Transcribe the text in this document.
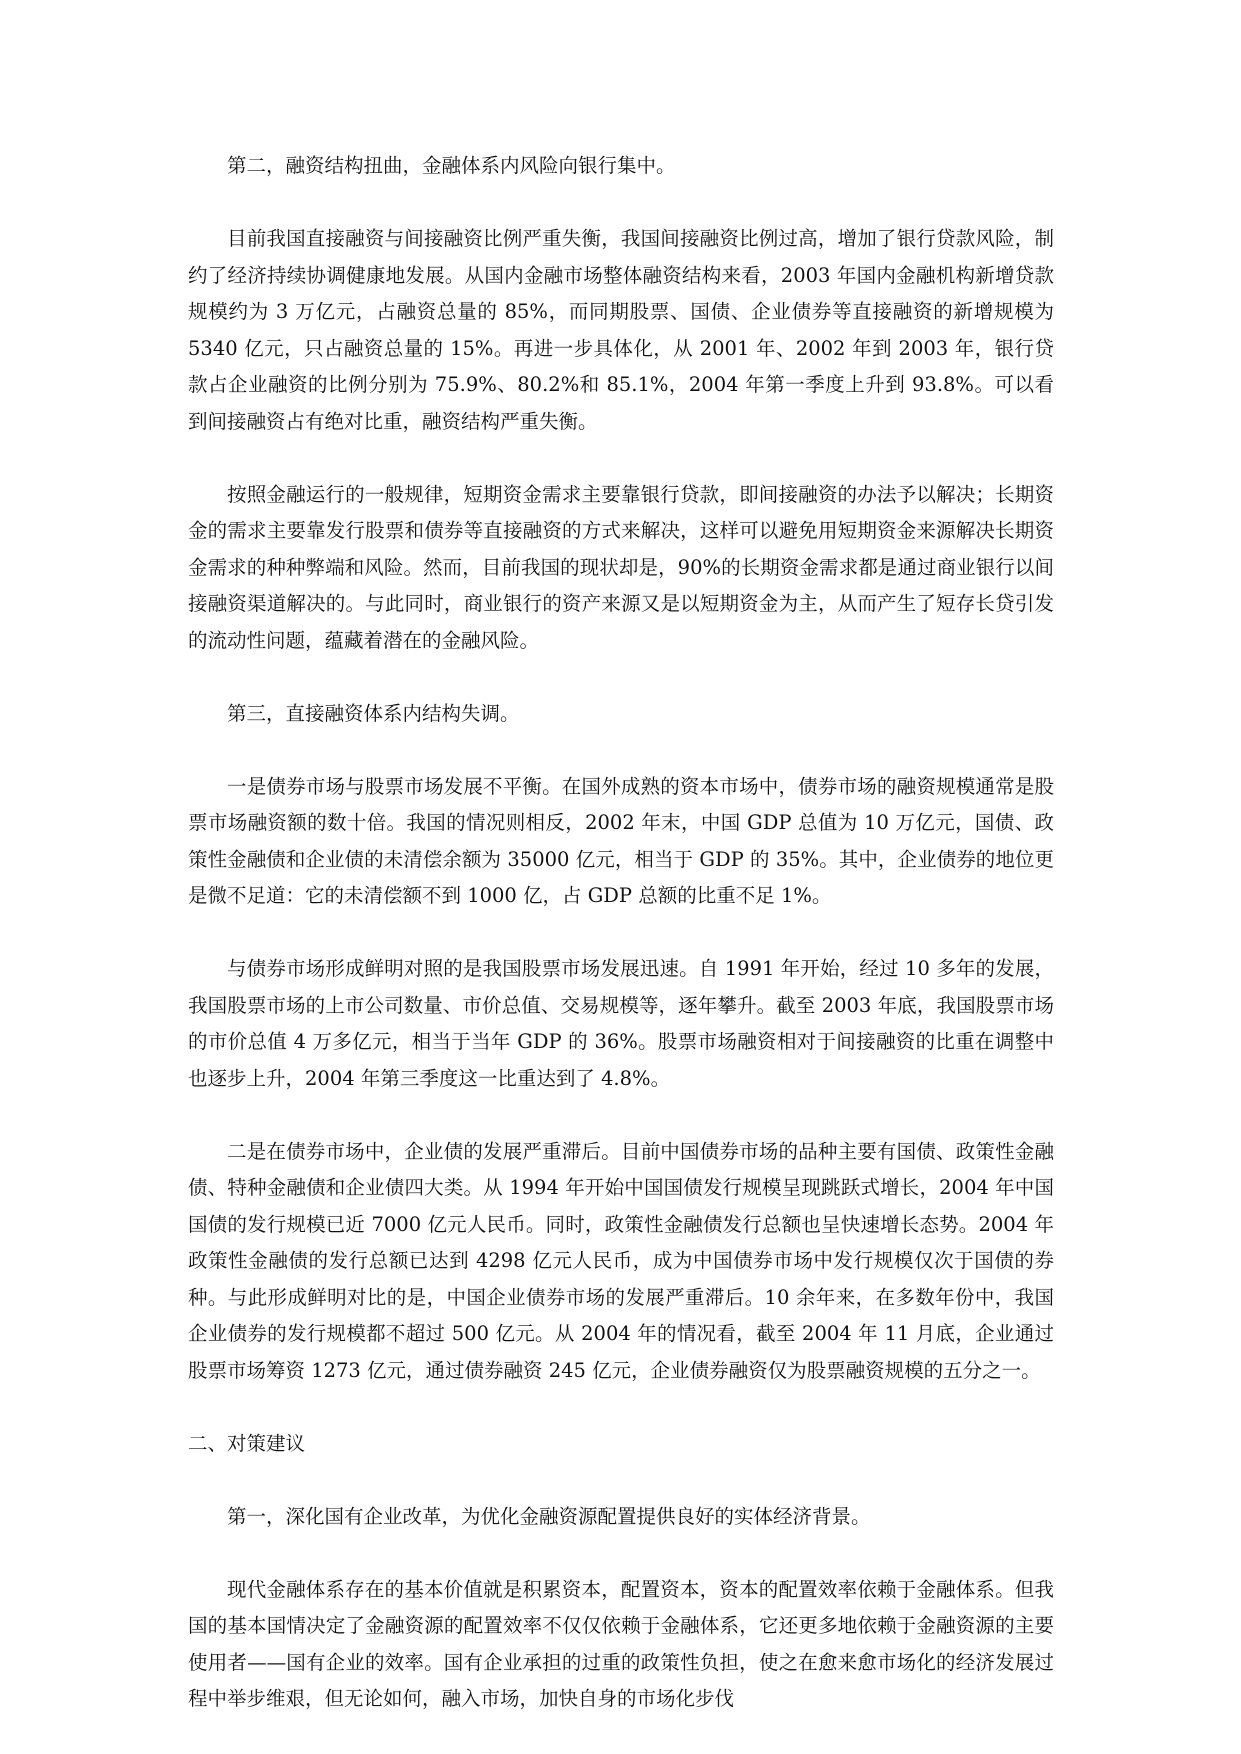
第二，融资结构扭曲，金融体系内风险向银行集中。

目前我国直接融资与间接融资比例严重失衡，我国间接融资比例过高，增加了银行贷款风险，制约了经济持续协调健康地发展。从国内金融市场整体融资结构来看，2003 年国内金融机构新增贷款规模约为 3 万亿元，占融资总量的 85%，而同期股票、国债、企业债券等直接融资的新增规模为 5340 亿元，只占融资总量的 15%。再进一步具体化，从 2001 年、2002 年到 2003 年，银行贷款占企业融资的比例分别为 75.9%、80.2%和 85.1%，2004 年第一季度上升到 93.8%。可以看到间接融资占有绝对比重，融资结构严重失衡。

按照金融运行的一般规律，短期资金需求主要靠银行贷款，即间接融资的办法予以解决；长期资金的需求主要靠发行股票和债券等直接融资的方式来解决，这样可以避免用短期资金来源解决长期资金需求的种种弊端和风险。然而，目前我国的现状却是，90%的长期资金需求都是通过商业银行以间接融资渠道解决的。与此同时，商业银行的资产来源又是以短期资金为主，从而产生了短存长贷引发的流动性问题，蕴藏着潜在的金融风险。

第三，直接融资体系内结构失调。

一是债券市场与股票市场发展不平衡。在国外成熟的资本市场中，债券市场的融资规模通常是股票市场融资额的数十倍。我国的情况则相反，2002 年末，中国 GDP 总值为 10 万亿元，国债、政策性金融债和企业债的未清偿余额为 35000 亿元，相当于 GDP 的 35%。其中，企业债券的地位更是微不足道：它的未清偿额不到 1000 亿，占 GDP 总额的比重不足 1%。

与债券市场形成鲜明对照的是我国股票市场发展迅速。自 1991 年开始，经过 10 多年的发展，我国股票市场的上市公司数量、市价总值、交易规模等，逐年攀升。截至 2003 年底，我国股票市场的市价总值 4 万多亿元，相当于当年 GDP 的 36%。股票市场融资相对于间接融资的比重在调整中也逐步上升，2004 年第三季度这一比重达到了 4.8%。

二是在债券市场中，企业债的发展严重滞后。目前中国债券市场的品种主要有国债、政策性金融债、特种金融债和企业债四大类。从 1994 年开始中国国债发行规模呈现跳跃式增长，2004 年中国国债的发行规模已近 7000 亿元人民币。同时，政策性金融债发行总额也呈快速增长态势。2004 年政策性金融债的发行总额已达到 4298 亿元人民币，成为中国债券市场中发行规模仅次于国债的券种。与此形成鲜明对比的是，中国企业债券市场的发展严重滞后。10 余年来，在多数年份中，我国企业债券的发行规模都不超过 500 亿元。从 2004 年的情况看，截至 2004 年 11 月底，企业通过股票市场筹资 1273 亿元，通过债券融资 245 亿元，企业债券融资仅为股票融资规模的五分之一。

二、对策建议

第一，深化国有企业改革，为优化金融资源配置提供良好的实体经济背景。

现代金融体系存在的基本价值就是积累资本，配置资本，资本的配置效率依赖于金融体系。但我国的基本国情决定了金融资源的配置效率不仅仅依赖于金融体系，它还更多地依赖于金融资源的主要使用者——国有企业的效率。国有企业承担的过重的政策性负担，使之在愈来愈市场化的经济发展过程中举步维艰，但无论如何，融入市场，加快自身的市场化步伐
